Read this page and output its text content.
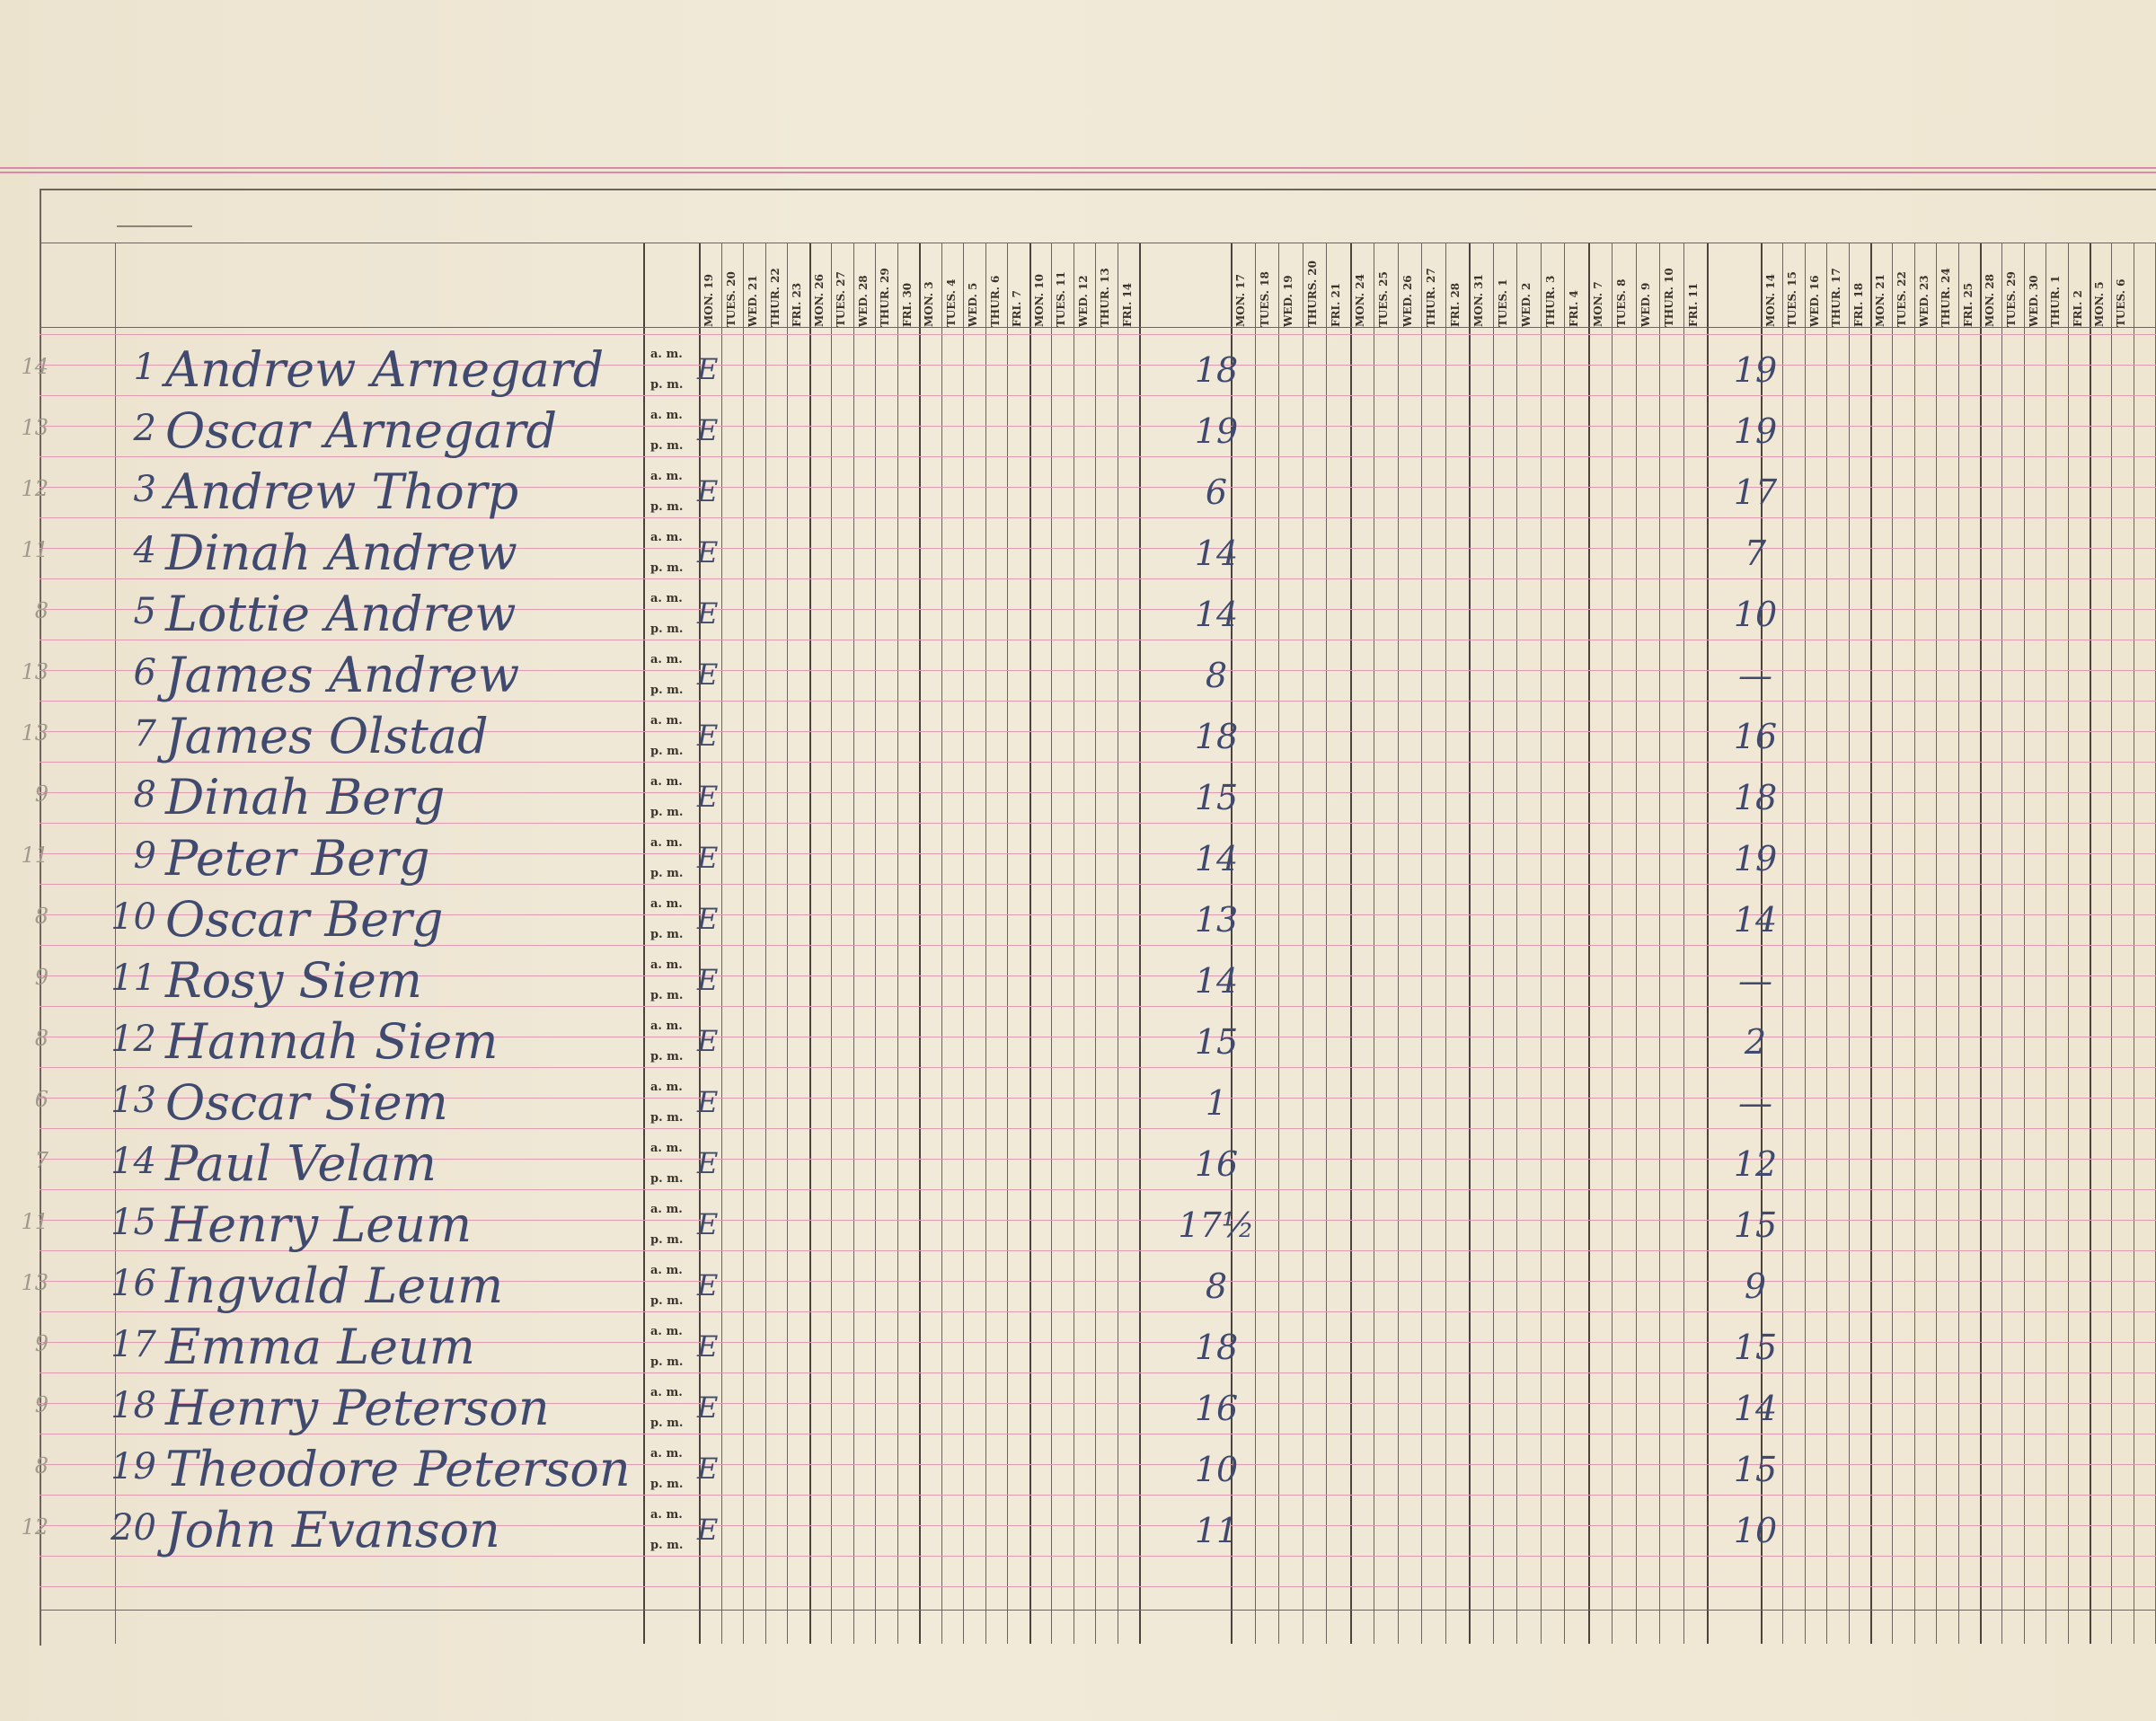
______
MON. 19 TUES. 20 WED. 21 THUR. 22 FRI. 23 MON. 26 TUES. 27 WED. 28 THUR. 29 FRI. 30 MON. 3 TUES. 4 WED. 5 THUR. 6 FRI. 7 MON. 10 TUES. 11 WED. 12 THUR. 13 FRI. 14	MON. 17 TUES. 18 WED. 19 THURS. 20 FRI. 21 MON. 24 TUES. 25 WED. 26 THUR. 27 FRI. 28 MON. 31 TUES. 1 WED. 2 THUR. 3 FRI. 4 MON. 7 TUES. 8 WED. 9 THUR. 10 FRI. 11	MON. 14 TUES. 15 WED. 16 THUR. 17 FRI. 18 MON. 21 TUES. 22 WED. 23 THUR. 24 FRI. 25 MON. 28 TUES. 29 WED. 30 THUR. 1 FRI. 2 MON. 5 TUES. 6
14	1 Andrew Arnegard	a. m.
p. m. E	18	19
13	2 Oscar Arnegard	a. m.
p. m. E	19	19
12	3 Andrew Thorp	a. m.
p. m. E	6	17
11	4 Dinah Andrew	a. m.
p. m. E	14	7
8	5 Lottie Andrew	a. m.
p. m. E	14	10
13	6 James Andrew	a. m.
p. m. E	8	—
13	7 James Olstad	a. m.
p. m. E	18	16
9	8 Dinah Berg	a. m.
p. m. E	15	18
11	9 Peter Berg	a. m.
p. m. E	14	19
8	10 Oscar Berg	a. m.
p. m. E	13	14
9	11 Rosy Siem	a. m.
p. m. E	14	—
8	12 Hannah Siem	a. m.
p. m. E	15	2
6	13 Oscar Siem	a. m.
p. m. E	1	—
7	14 Paul Velam	a. m.
p. m. E	16	12
11	15 Henry Leum	a. m.
p. m. E	17½	15
13	16 Ingvald Leum	a. m.
p. m. E	8	9
9	17 Emma Leum	a. m.
p. m. E	18	15
9	18 Henry Peterson	a. m.
p. m. E	16	14
8	19 Theodore Peterson a. m.
p. m. E	10	15
12	20 John Evanson	a. m.
p. m. E	11	10
